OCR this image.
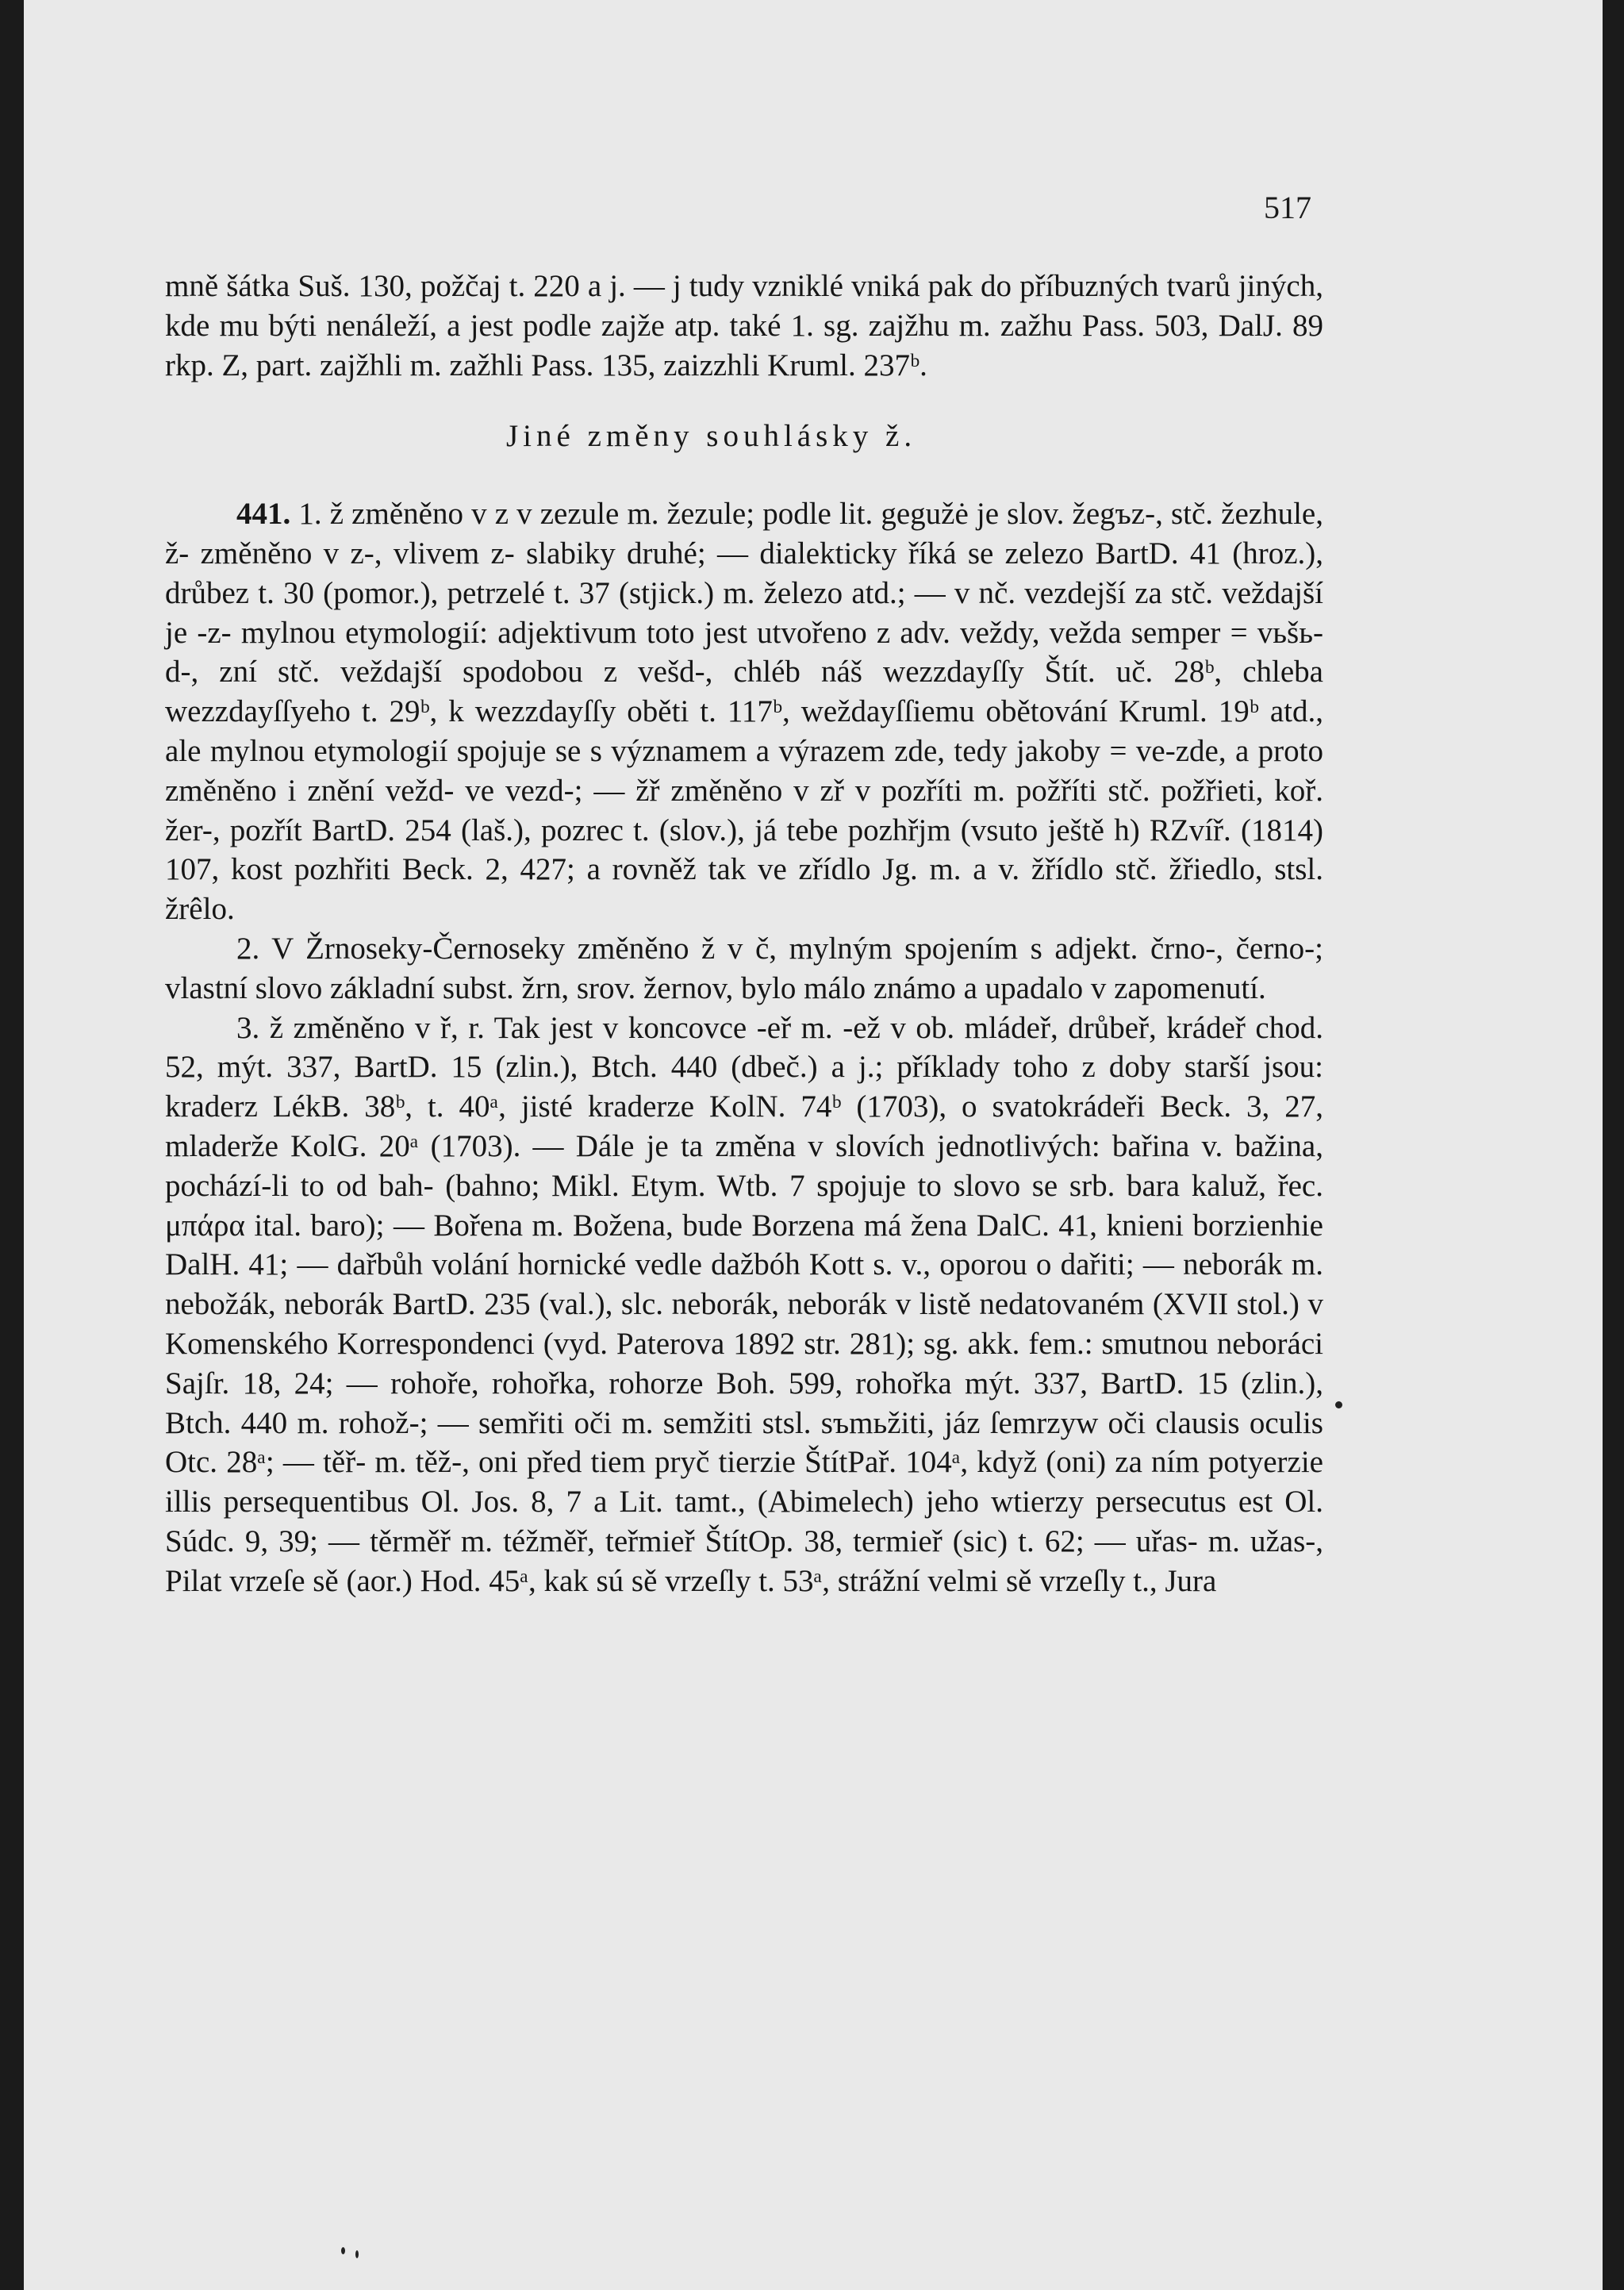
517

mně šátka Suš. 130, požčaj t. 220 a j. — j tudy vzniklé vniká pak do příbuzných tvarů jiných, kde mu býti nenáleží, a jest podle zajže atp. také 1. sg. zajžhu m. zažhu Pass. 503, DalJ. 89 rkp. Z, part. zajžhli m. zažhli Pass. 135, zaizzhli Kruml. 237ᵇ.

Jiné změny souhlásky ž.

441. 1. ž změněno v z v zezule m. žezule; podle lit. gegužė je slov. žegъz-, stč. žezhule, ž- změněno v z-, vlivem z- slabiky druhé; — dialekticky říká se zelezo BartD. 41 (hroz.), drůbez t. 30 (pomor.), petrzelé t. 37 (stjick.) m. železo atd.; — v nč. vezdejší za stč. veždajší je -z- mylnou etymologií: adjektivum toto jest utvořeno z adv. vеždy, vežda semper = vьšь-d-, zní stč. veždajší spodobou z vešd-, chléb náš wezzdayſſy Štít. uč. 28ᵇ, chleba wezzdayſſyeho t. 29ᵇ, k wezzdayſſy oběti t. 117ᵇ, weždayſſiemu obětování Kruml. 19ᵇ atd., ale mylnou etymologií spojuje se s významem a výrazem zde, tedy jakoby = ve-zde, a proto změněno i znění vežd- ve vezd-; — žř změněno v zř v pozříti m. požříti stč. požřieti, koř. žer-, pozřít BartD. 254 (laš.), pozrec t. (slov.), já tebe pozhřjm (vsuto ještě h) RZvíř. (1814) 107, kost pozhřiti Beck. 2, 427; a rovněž tak ve zřídlo Jg. m. a v. žřídlo stč. žřiedlo, stsl. žrêlo.

2. V Žrnoseky-Černoseky změněno ž v č, mylným spojením s adjekt. črno-, černo-; vlastní slovo základní subst. žrn, srov. žernov, bylo málo známo a upadalo v zapomenutí.

3. ž změněno v ř, r. Tak jest v koncovce -eř m. -ež v ob. mládeř, drůbeř, krádeř chod. 52, mýt. 337, BartD. 15 (zlin.), Btch. 440 (dbeč.) a j.; příklady toho z doby starší jsou: kraderz LékB. 38ᵇ, t. 40ᵃ, jisté kraderze KolN. 74ᵇ (1703), o svatokrádeři Beck. 3, 27, mladerže KolG. 20ᵃ (1703). — Dále je ta změna v slovích jednotlivých: bařina v. bažina, pochází-li to od bah- (bahno; Mikl. Etym. Wtb. 7 spojuje to slovo se srb. bara kaluž, řec. μπάρα ital. baro); — Bořena m. Božena, bude Borzena má žena DalC. 41, knieni borzienhie DalH. 41; — dařbůh volání hornické vedle dažbóh Kott s. v., oporou o dařiti; — neborák m. nebožák, neborák BartD. 235 (val.), slc. neborák, neborák v listě nedatovaném (XVII stol.) v Komenského Korrespondenci (vyd. Paterova 1892 str. 281); sg. akk. fem.: smutnou neboráci Sajſr. 18, 24; — rohoře, rohořka, rohorze Boh. 599, rohořka mýt. 337, BartD. 15 (zlin.), Btch. 440 m. rohož-; — semřiti oči m. semžiti stsl. sъmьžiti, jáz ſemrzyw oči clausis oculis Otc. 28ᵃ; — těř- m. těž-, oni před tiem pryč tierzie ŠtítPař. 104ᵃ, když (oni) za ním potyerzie illis persequentibus Ol. Jos. 8, 7 a Lit. tamt., (Abimelech) jeho wtierzy persecutus est Ol. Súdc. 9, 39; — těrměř m. téžměř, teřmieř ŠtítOp. 38, termieř (sic) t. 62; — uřas- m. užas-, Pilat vrzeſe sě (aor.) Hod. 45ᵃ, kak sú sě vrzeſly t. 53ᵃ, strážní velmi sě vrzeſly t., Jura
